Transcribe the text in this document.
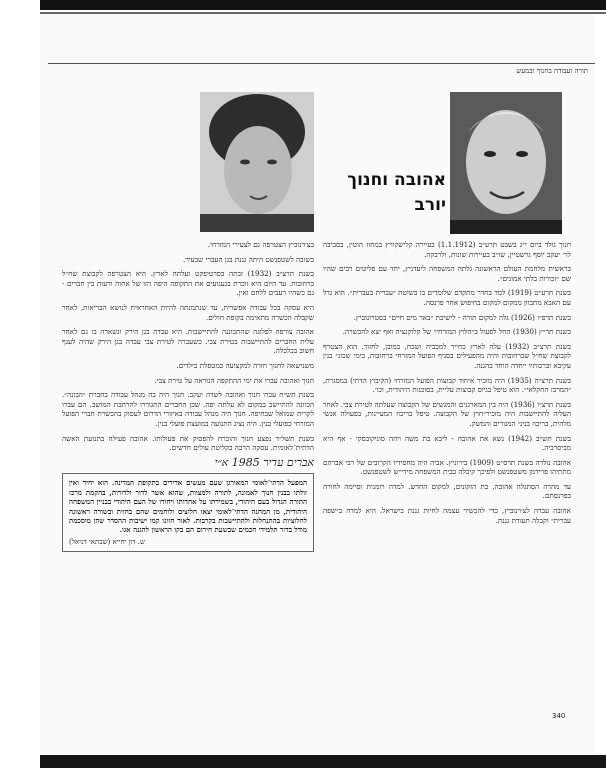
תורה ועבודה בחנוך ובמעש
אהובה וחנוך
יורב

חנוך נולד ביום י״ג בשבט תרע״ב (1.1.1912) בעיירה קלישקוויץ במחוז הוטין, בסביבה לר׳ יעקב יוסף גרשטיין, שו״ב בעיירות שונות, ולרבקה.

בראשית מלחמת העולם הראשונה גלתה המשפחה ליעדניץ, יחד עם פליטים רבים שהיו שם ״זכורות בלתי אמונים״.

בשנת תרע״ט (1919) למד בחדר מתקדם שלומדים בו בשיטת ״עברית בעברית״. הוא גדל עם האבא מתכוון ממקום למקום בחיפוש אחר פרנסה.

בשנת תרפ״ו (1926) גלה למקום תורה - לישיבת ״באר מים חיים״ בסטרונוביץ.

בשנת תר״ץ (1930) החל לפעול ב״הלוץ המזרחי״ של קלוקנציה ואף יצא להכשרה.

בשנת תרצ״ב (1932) עלה לארץ כחייר למכביה ושכח, כמובן, לחזור. הוא הצטרף לקבוצת שח״ל שברחובות והיה מהפעילים בסניף הפועל המזרחי ברחובות, בימי שכונ״ בנין עקיבא וברכותיו ייחדה הוחד בהגנה.

בשנת תרצ״ה (1935) היה מזכיר איחוד קבוצות הפועל המזרחי (הקיבוץ הדתי) במסגרת, ״המרכז החקלאי״. הוא טיפל בגיוס קבוצות עליית, בסוכנות היהודית, וכו׳.

בשנת תרצ״ו (1936) היה בין המארגנים והמגשים של הקבוצה שעלתה לטירת צבי. לאחר העליה להתיישבות היה מזכיר״חוץ של הקבוצה. טיפל בריכוז המעיינות, בפעולה אנשי מלהית, בריכוז בניני המגורים והמשק.

בשנת תש״ב (1942) נשא את אהובה - ליבא בת משה ויהה סוניקובסקי - אף היא מביסרביה.

אהובה נולדה בשנת תרס״ט (1909) בירוניץ. אביה היה מחסידיו הקרובים של רבי אברהם מתתיהו פרידמן משטפנשט ולפיכך קיבלה בבית המשפחה מידי״ש לשטפנשט.

עד מהרה הסתגלה אהובה, בת הזקונים, למקום החדש. למדה רומנית וסיימה לחורה בפרנסתם.

אהובה עברה לצ׳רנוביץ, כדי להכשיר עצמה לחיות גננת בישראל. היא למדה ב״שפה עברית״ וקבלה תעודת גננת.

בצ׳רנוביץ הצטרפה גם לצעירי המזרחי.

בשובה לשטפנשט היתה גננת בגן העברי שבעיר.

בשנת תרצ״ב (1932) זכתה בסרטיפקט ועלתה לארץ. היא הצטרפה לקבוצת שח״ל ברחובות. עד היום היא זוכרת בגעגועים את התקופה היפה הזו של אחוה ורעות בין חברים - גם כשהיו רעבים ללחם ואין.

היא עסקה בכל עבודה אפשרית, עד שנתמנתה להיות האחראית לנושא הבריאות, לאחר שקבלה הכשרה מתאימה בקופת חולים.

אהובה צורפה לפלוגה שהתכוננה להתיישבות. היא עבדה בגן הירק ונשארה בו גם לאחר עלית החברים להתיישבות בטירת צבי. כשעברה לטירת צבי עבדה בגן הירק שהיה לענף חשוב בכלכלה.

משנישאה לחנוך חזרה למקצועה כמטפלת בילדים.

חנוך ואהובה עברו את ימי ההתקפה הנוראה על טירת צבי.

בשנת תש״ח עברו חנוך ואהובה לשדה יעקב. חנוך היה בה מנהל עבודה בחברת ״הבונה״. הכוונה להתיישב במקום לא עלתה יפה. שכן החברים התגוררו להרחבת המושב. הם עברו לקרית שמואל שבחיפה. חנוך היה מנהל עבודה באיזורי הדרום לעסוק בהכשרת חברי הפועל המזרחי כפועלי בנין. היה נציג התנועה במועצת פועלי בנין.

בשנת תשל״ד נפצע חנוך והוכרח להפסיק את פעולותו. אהובה פעילה בתנועת האשה הדתית־לאומית. עסקה הרבה בקליטת עולים חדשים.

אברים עדיר 1985 א״י
המפעל הדתי־לאומי המאורגן שעם מעשים אדירים בתקופת המדינה. הוא יחיד ואין זולתו בבנין חנוך לאמונה, לתורה ולמצוות, שהוא אשר לדור ולדורות, בהקמת מרכז התורה הגדול בעם היהודי, בשמירתו על אחדותו ויחודו של העם היהודי בבניין המשפחה היהודית, מן המחנה הדתי־לאומי יצאו חלוצים ולוחמים שהם בחזית ובשורה ראשונה לחלוציות בהתנחלות ולהתיישבות בקרבות. לאור חזונו קמו ישיבות ההסדר שהן מוסכמת מודל בדור תלמידי חכמים שבשעת חירום הם בקו הראשון להגנה אגו.
ש. דון יחייא (שבתאי דניאל)
340
